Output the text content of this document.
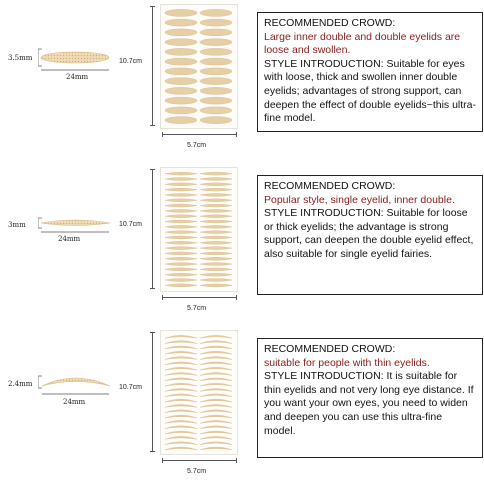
3.5mm
24mm
10.7cm
5.7cm

RECOMMENDED CROWD:

Large inner double and double eyelids are loose and swollen.

STYLE INTRODUCTION: Suitable for eyes with loose, thick and swollen inner double eyelids; advantages of strong support, can deepen the effect of double eyelids~this ultra-fine model.

3mm
24mm
10.7cm
5.7cm

RECOMMENDED CROWD:

Popular style, single eyelid, inner double.

STYLE INTRODUCTION: Suitable for loose or thick eyelids; the advantage is strong support, can deepen the double eyelid effect, also suitable for single eyelid fairies.

2.4mm
24mm
10.7cm
5.7cm

RECOMMENDED CROWD:

suitable for people with thin eyelids.

STYLE INTRODUCTION: It is suitable for thin eyelids and not very long eye distance. If you want your own eyes, you need to widen and deepen you can use this ultra-fine model.
